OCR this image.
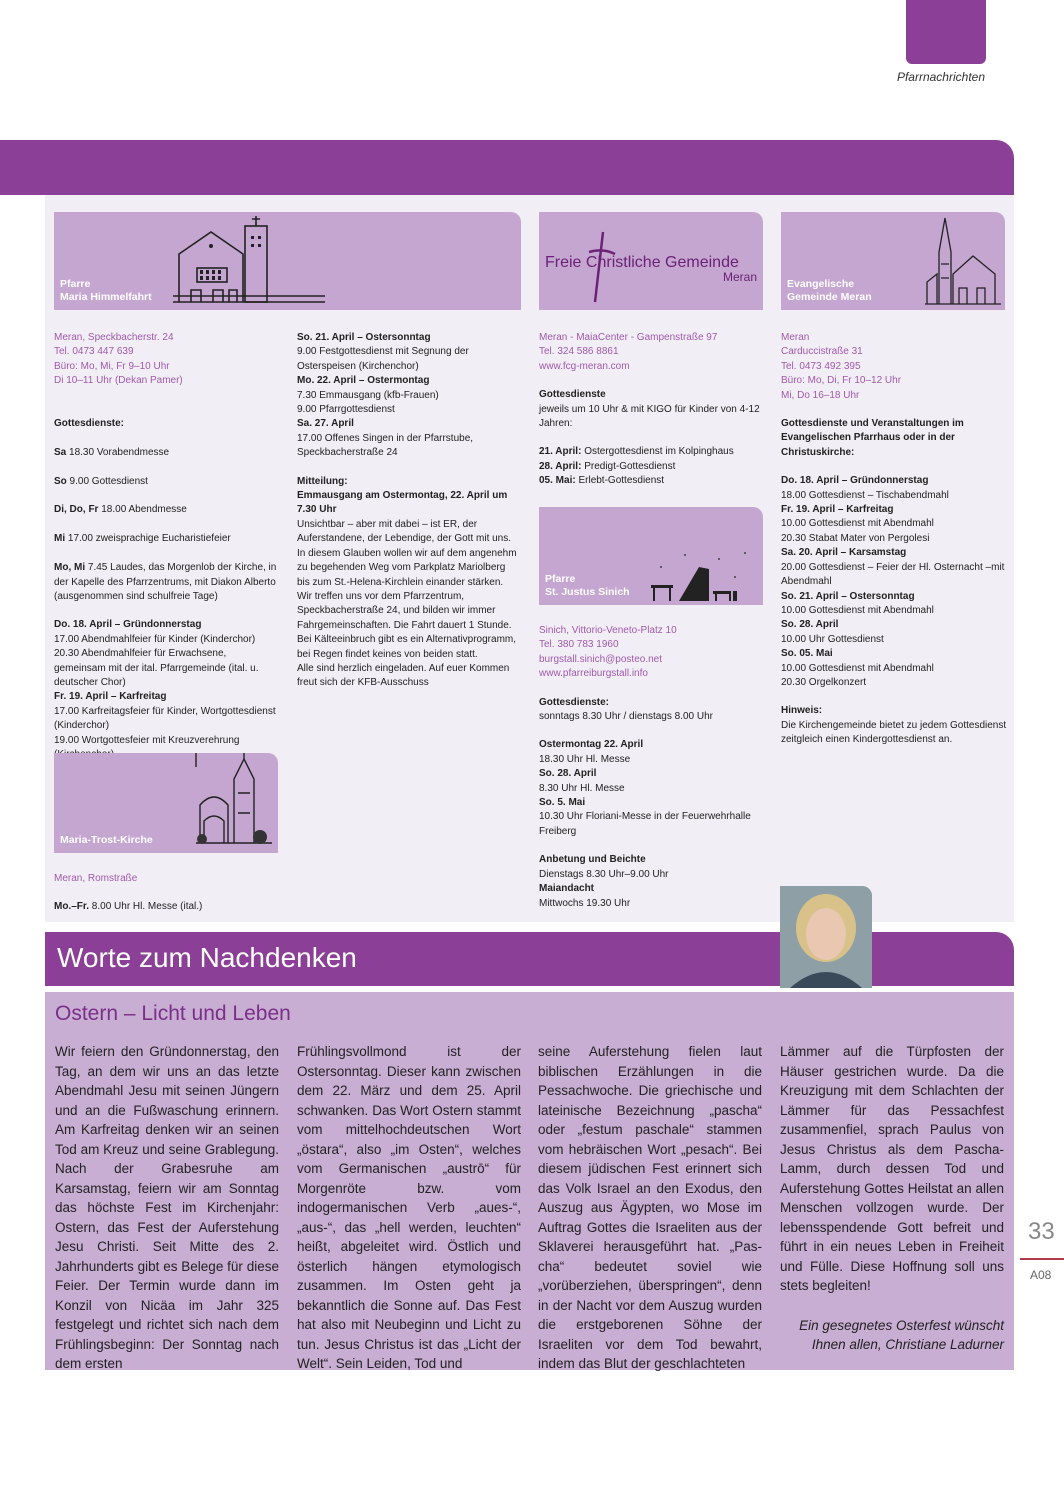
Pfarrnachrichten
Pfarre
Maria Himmelfahrt

Meran, Speckbacherstr. 24
Tel. 0473 447 639
Büro: Mo, Mi, Fr 9–10 Uhr
Di 10–11 Uhr (Dekan Pamer)

Gottesdienste:

Sa 18.30 Vorabendmesse

So 9.00 Gottesdienst

Di, Do, Fr 18.00 Abendmesse

Mi 17.00 zweisprachige Eucharistiefeier

Mo, Mi 7.45 Laudes, das Morgenlob der Kirche, in der Kapelle des Pfarrzentrums, mit Diakon Alberto (ausgenommen sind schulfreie Tage)

Do. 18. April – Gründonnerstag
17.00 Abendmahlfeier für Kinder (Kinderchor)
20.30 Abendmahlfeier für Erwachsene, gemeinsam mit der ital. Pfarrgemeinde (ital. u. deutscher Chor)
Fr. 19. April – Karfreitag
17.00 Karfreitagsfeier für Kinder, Wortgottesdienst (Kinderchor)
19.00 Wortgottesfeier mit Kreuzverehrung
Maria-Trost-Kirche

Meran, Romstraße

Mo.–Fr. 8.00 Uhr Hl. Messe (ital.)
So. 21. April – Ostersonntag
9.00 Festgottesdienst mit Segnung der Osterspeisen (Kirchenchor)
Mo. 22. April – Ostermontag
7.30 Emmausgang (kfb-Frauen)
9.00 Pfarrgottesdienst
Sa. 27. April
17.00 Offenes Singen in der Pfarrstube, Speckbacherstraße 24
Mitteilung:
Emmausgang am Ostermontag, 22. April um 7.30 Uhr
Unsichtbar – aber mit dabei – ist ER, der Auferstandene, der Lebendige, der Gott mit uns. In diesem Glauben wollen wir auf dem angenehm zu begehenden Weg vom Parkplatz Mariolberg bis zum St.-Helena-Kirchlein einander stärken.
Wir treffen uns vor dem Pfarrzentrum, Speckbacherstraße 24, und bilden wir immer Fahrgemeinschaften. Die Fahrt dauert 1 Stunde.
Bei Kälteeinbruch gibt es ein Alternativprogramm, bei Regen findet keines von beiden statt.
Alle sind herzlich eingeladen. Auf euer Kommen freut sich der KFB-Ausschuss
Freie Christliche Gemeinde
Meran

Meran - MaiaCenter - Gampenstraße 97
Tel. 324 586 8861
www.fcg-meran.com

Gottesdienste
jeweils um 10 Uhr & mit KIGO für Kinder von 4-12 Jahren:
21. April: Ostergottesdienst im Kolpinghaus
28. April: Predigt-Gottesdienst
05. Mai: Erlebt-Gottesdienst
Pfarre
St. Justus Sinich

Sinich, Vittorio-Veneto-Platz 10
Tel. 380 783 1960
burgstall.sinich@posteo.net
www.pfarreiburgstall.info

Gottesdienste:
sonntags 8.30 Uhr / dienstags 8.00 Uhr
Ostermontag 22. April
18.30 Uhr Hl. Messe
So. 28. April
8.30 Uhr Hl. Messe
So. 5. Mai
10.30 Uhr Floriani-Messe in der Feuerwehrhalle Freiberg
Anbetung und Beichte
Dienstags 8.30 Uhr–9.00 Uhr
Maiandacht
Mittwochs 19.30 Uhr
Evangelische
Gemeinde Meran

Meran
Carduccistraße 31
Tel. 0473 492 395
Büro: Mo, Di, Fr 10–12 Uhr
Mi, Do 16–18 Uhr

Gottesdienste und Veranstaltungen im Evangelischen Pfarrhaus oder in der Christuskirche:

Do. 18. April – Gründonnerstag
18.00 Gottesdienst – Tischabendmahl
Fr. 19. April – Karfreitag
10.00 Gottesdienst mit Abendmahl
20.30 Stabat Mater von Pergolesi
Sa. 20. April – Karsamstag
20.00 Gottesdienst – Feier der Hl. Osternacht –mit Abendmahl
So. 21. April – Ostersonntag
10.00 Gottesdienst mit Abendmahl
So. 28. April
10.00 Uhr Gottesdienst
So. 05. Mai
10.00 Gottesdienst mit Abendmahl
20.30 Orgelkonzert
Hinweis:
Die Kirchengemeinde bietet zu jedem Gottesdienst zeitgleich einen Kindergottesdienst an.
Worte zum Nachdenken
Ostern – Licht und Leben
Wir feiern den Gründonnerstag, den Tag, an dem wir uns an das letzte Abendmahl Jesu mit seinen Jüngern und an die Fußwaschung erinnern. Am Karfreitag denken wir an seinen Tod am Kreuz und seine Grablegung. Nach der Grabesruhe am Karsamstag, feiern wir am Sonntag das höchste Fest im Kirchenjahr: Ostern, das Fest der Auferstehung Jesu Christi. Seit Mitte des 2. Jahrhunderts gibt es Belege für diese Feier. Der Termin wurde dann im Konzil von Nicäa im Jahr 325 festgelegt und richtet sich nach dem Frühlingsbeginn: Der Sonntag nach dem ersten
Frühlingsvollmond ist der Ostersonntag. Dieser kann zwischen dem 22. März und dem 25. April schwanken. Das Wort Ostern stammt vom mittelhochdeutschen Wort „östara“, also „im Osten“, welches vom Germanischen „austrō“ für Morgenröte bzw. vom indogermanischen Verb „aues-“, „aus-“, das „hell werden, leuchten“ heißt, abgeleitet wird. Östlich und österlich hängen etymologisch zusammen. Im Osten geht ja bekanntlich die Sonne auf. Das Fest hat also mit Neubeginn und Licht zu tun. Jesus Christus ist das „Licht der Welt“. Sein Leiden, Tod und
seine Auferstehung fielen laut biblischen Erzählungen in die Pessachwoche. Die griechische und lateinische Bezeichnung „pascha“ oder „festum paschale“ stammen vom hebräischen Wort „pesach“. Bei diesem jüdischen Fest erinnert sich das Volk Israel an den Exodus, den Auszug aus Ägypten, wo Mose im Auftrag Gottes die Israeliten aus der Sklaverei herausgeführt hat. „Pas-cha“ bedeutet soviel wie „vorüberziehen, überspringen“, denn in der Nacht vor dem Auszug wurden die erstgeborenen Söhne der Israeliten vor dem Tod bewahrt, indem das Blut der geschlachteten
Lämmer auf die Türpfosten der Häuser gestrichen wurde. Da die Kreuzigung mit dem Schlachten der Lämmer für das Pessachfest zusammenfiel, sprach Paulus von Jesus Christus als dem Pascha-Lamm, durch dessen Tod und Auferstehung Gottes Heilstat an allen Menschen vollzogen wurde. Der lebensspendende Gott befreit und führt in ein neues Leben in Freiheit und Fülle. Diese Hoffnung soll uns stets begleiten!
Ein gesegnetes Osterfest wünscht Ihnen allen, Christiane Ladurner
33
A08
